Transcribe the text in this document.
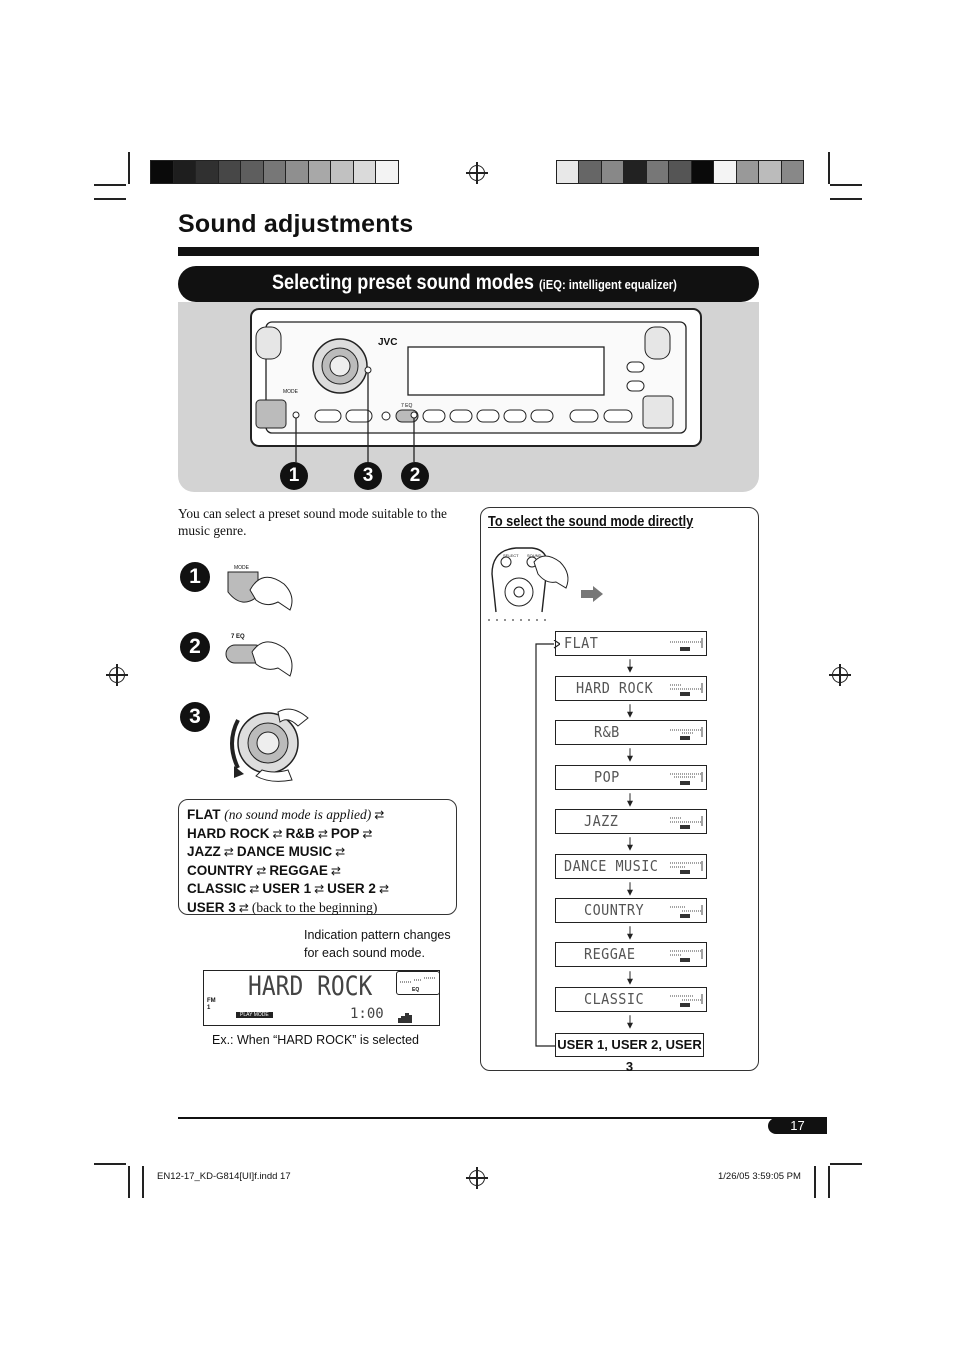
Sound adjustments
Selecting preset sound modes (iEQ: intelligent equalizer)
JVC
MODE
7 EQ
1	3	2
You can select a preset sound mode suitable to the music genre.
1	MODE
2	7 EQ
3
FLAT (no sound mode is applied) ⇄
HARD ROCK ⇄ R&B ⇄ POP ⇄
JAZZ ⇄ DANCE MUSIC ⇄
COUNTRY ⇄ REGGAE ⇄
CLASSIC ⇄ USER 1 ⇄ USER 2 ⇄
USER 3 ⇄ (back to the beginning)
Indication pattern changes
for each sound mode.
HARD ROCK
FM
1
PLAY MODE	1:00
EQ
Ex.: When “HARD ROCK” is selected
To select the sound mode directly
SELECT SOUND
FLAT
HARD ROCK
R&B
POP
JAZZ
DANCE MUSIC
COUNTRY
REGGAE
CLASSIC
USER 1, USER 2, USER 3
17
EN12-17_KD-G814[UI]f.indd 17	1/26/05 3:59:05 PM
